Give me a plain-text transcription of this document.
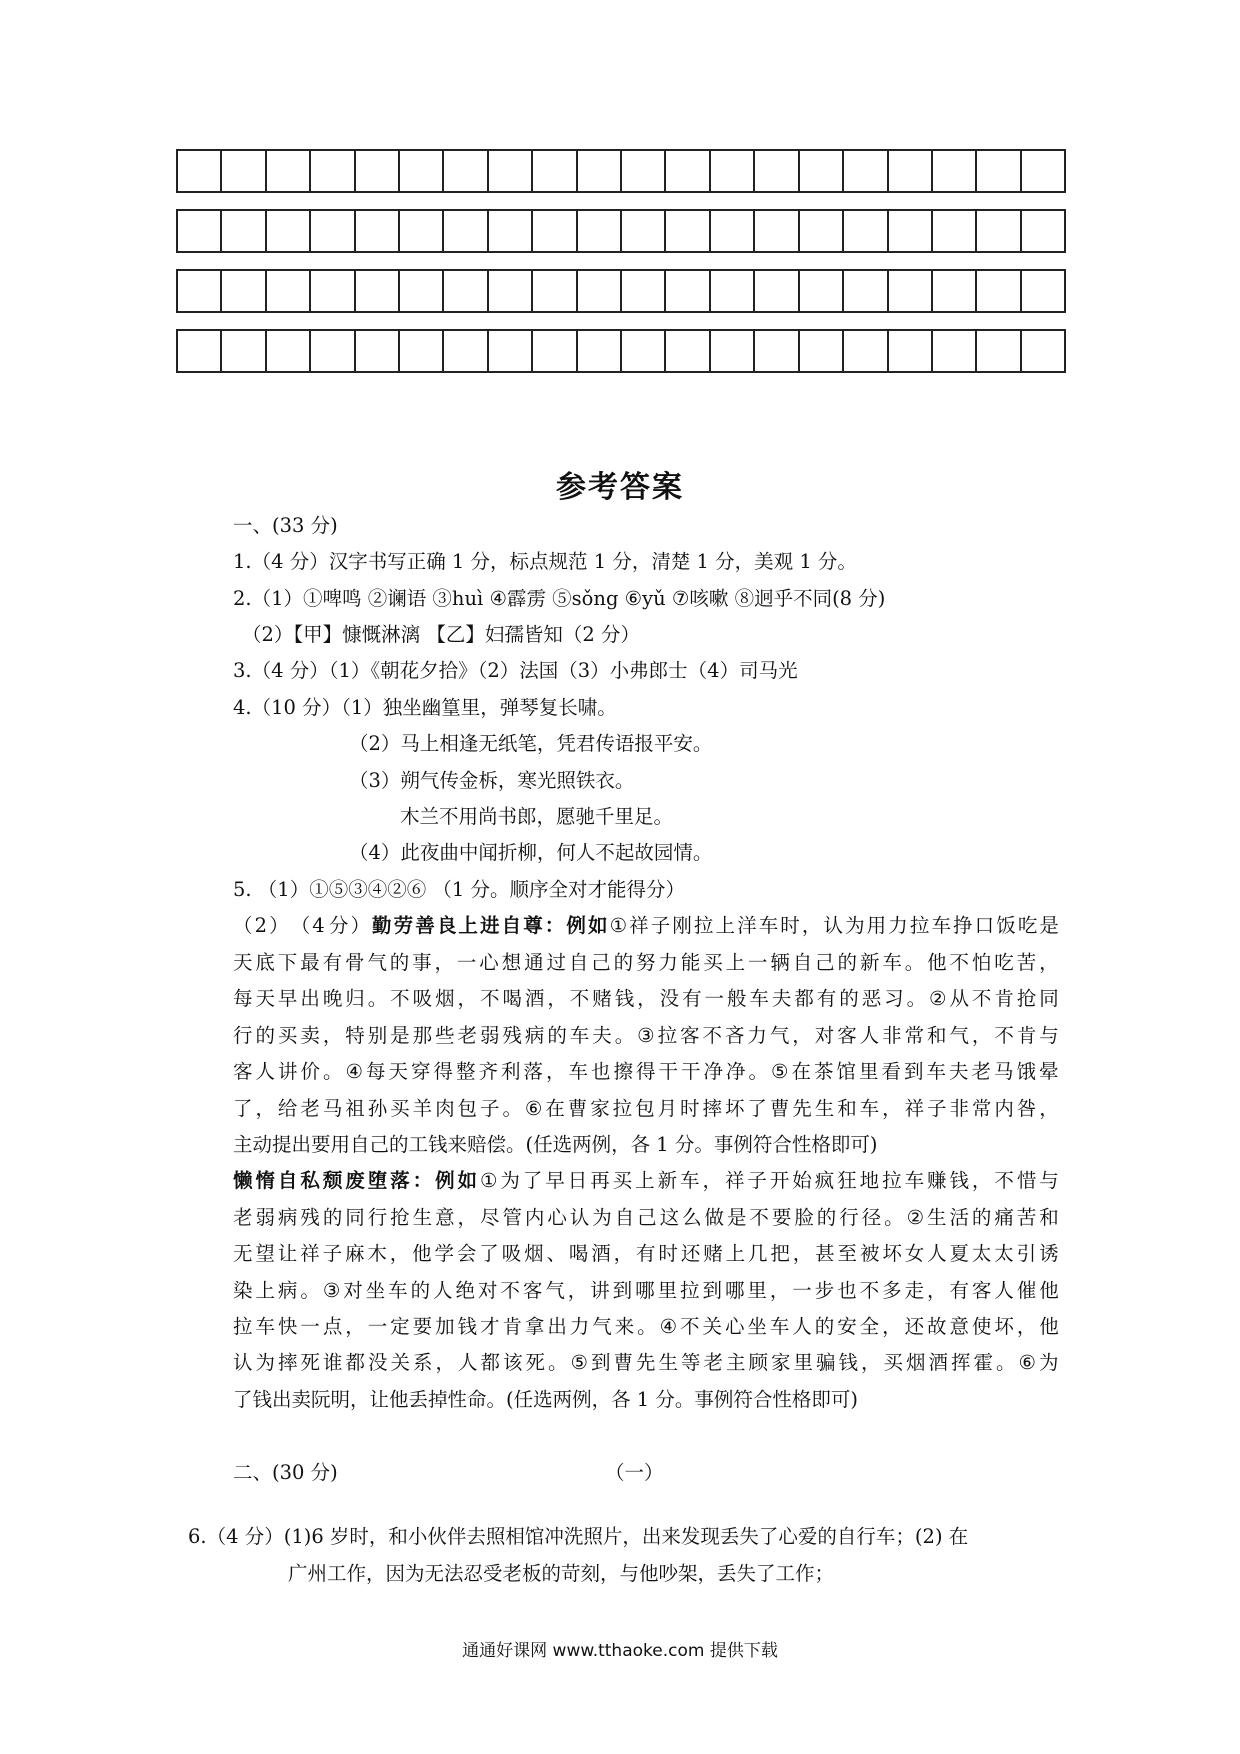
参考答案
一、(33 分)
1.（4 分）汉字书写正确 1 分，标点规范 1 分，清楚 1 分，美观 1 分。
2.（1）①啤鸣 ②谰语 ③huì ④霹雳 ⑤sǒng ⑥yǔ ⑦咳嗽 ⑧迥乎不同(8 分)
（2）【甲】慷慨淋漓 【乙】妇孺皆知（2 分）
3.（4 分）（1）《朝花夕拾》（2）法国（3）小弗郎士（4）司马光
4.（10 分）（1）独坐幽篁里，弹琴复长啸。
（2）马上相逢无纸笔，凭君传语报平安。
（3）朔气传金柝，寒光照铁衣。
木兰不用尚书郎，愿驰千里足。
（4）此夜曲中闻折柳，何人不起故园情。
5. （1）①⑤③④②⑥ （1 分。顺序全对才能得分）
（ 2 ） （ 4 分 ） 勤 劳 善 良 上 进 自 尊 ： 例 如 ① 祥 子 刚 拉 上 洋 车 时 ， 认 为 用 力 拉 车 挣 口 饭 吃 是
天 底 下 最 有 骨 气 的 事 ， 一 心 想 通 过 自 己 的 努 力 能 买 上 一 辆 自 己 的 新 车 。 他 不 怕 吃 苦 ，
每 天 早 出 晚 归 。 不 吸 烟 ， 不 喝 酒 ， 不 赌 钱 ， 没 有 一 般 车 夫 都 有 的 恶 习 。 ② 从 不 肯 抢 同
行 的 买 卖 ， 特 别 是 那 些 老 弱 残 病 的 车 夫 。 ③ 拉 客 不 吝 力 气 ， 对 客 人 非 常 和 气 ， 不 肯 与
客 人 讲 价 。 ④ 每 天 穿 得 整 齐 利 落 ， 车 也 擦 得 干 干 净 净 。 ⑤ 在 茶 馆 里 看 到 车 夫 老 马 饿 晕
了 ， 给 老 马 祖 孙 买 羊 肉 包 子 。 ⑥ 在 曹 家 拉 包 月 时 摔 坏 了 曹 先 生 和 车 ， 祥 子 非 常 内 咎 ，
主动提出要用自己的工钱来赔偿。(任选两例，各 1 分。事例符合性格即可)
懒 惰 自 私 颓 废 堕 落 ： 例 如 ① 为 了 早 日 再 买 上 新 车 ， 祥 子 开 始 疯 狂 地 拉 车 赚 钱 ， 不 惜 与
老 弱 病 残 的 同 行 抢 生 意 ， 尽 管 内 心 认 为 自 己 这 么 做 是 不 要 脸 的 行 径 。 ② 生 活 的 痛 苦 和
无 望 让 祥 子 麻 木 ， 他 学 会 了 吸 烟 、 喝 酒 ， 有 时 还 赌 上 几 把 ， 甚 至 被 坏 女 人 夏 太 太 引 诱
染 上 病 。 ③ 对 坐 车 的 人 绝 对 不 客 气 ， 讲 到 哪 里 拉 到 哪 里 ， 一 步 也 不 多 走 ， 有 客 人 催 他
拉 车 快 一 点 ， 一 定 要 加 钱 才 肯 拿 出 力 气 来 。 ④ 不 关 心 坐 车 人 的 安 全 ， 还 故 意 使 坏 ， 他
认 为 摔 死 谁 都 没 关 系 ， 人 都 该 死 。 ⑤ 到 曹 先 生 等 老 主 顾 家 里 骗 钱 ， 买 烟 酒 挥 霍 。 ⑥ 为
了钱出卖阮明，让他丢掉性命。(任选两例，各 1 分。事例符合性格即可)
二、(30 分)	（一）
6.（4 分）(1)6 岁时，和小伙伴去照相馆冲洗照片，出来发现丢失了心爱的自行车；(2) 在
广州工作，因为无法忍受老板的苛刻，与他吵架，丢失了工作；
通通好课网 www.tthaoke.com 提供下载
